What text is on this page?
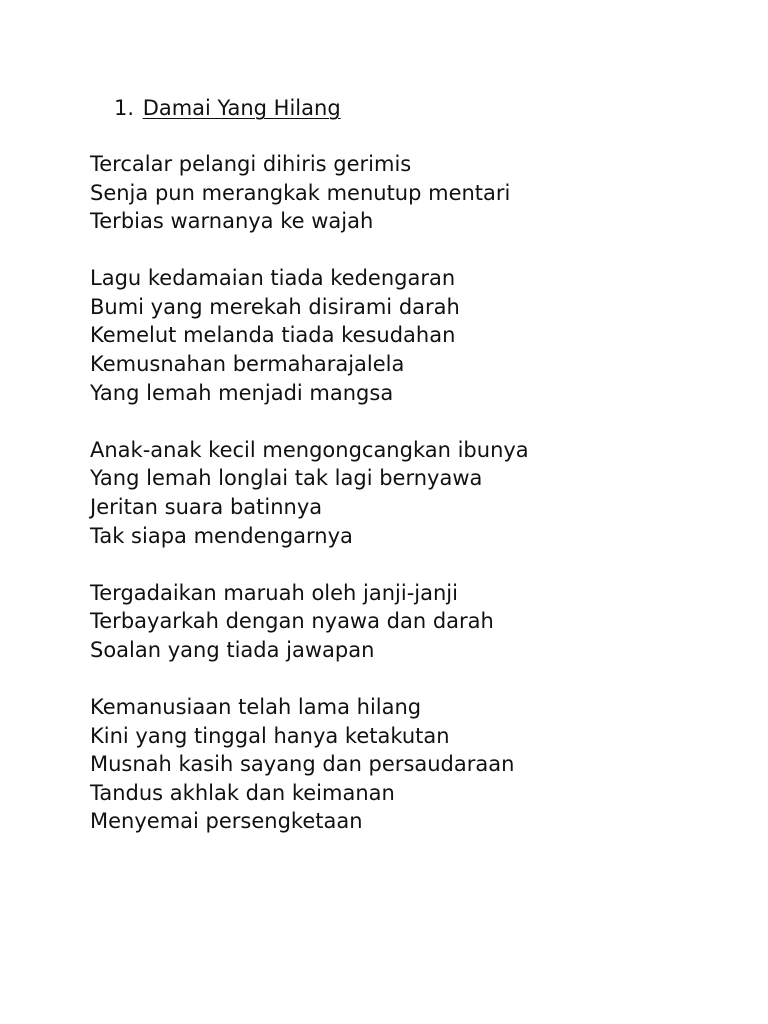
1. Damai Yang Hilang
Tercalar pelangi dihiris gerimis
Senja pun merangkak menutup mentari
Terbias warnanya ke wajah
Lagu kedamaian tiada kedengaran
Bumi yang merekah disirami darah
Kemelut melanda tiada kesudahan
Kemusnahan bermaharajalela
Yang lemah menjadi mangsa
Anak-anak kecil mengongcangkan ibunya
Yang lemah longlai tak lagi bernyawa
Jeritan suara batinnya
Tak siapa mendengarnya
Tergadaikan maruah oleh janji-janji
Terbayarkah dengan nyawa dan darah
Soalan yang tiada jawapan
Kemanusiaan telah lama hilang
Kini yang tinggal hanya ketakutan
Musnah kasih sayang dan persaudaraan
Tandus akhlak dan keimanan
Menyemai persengketaan
